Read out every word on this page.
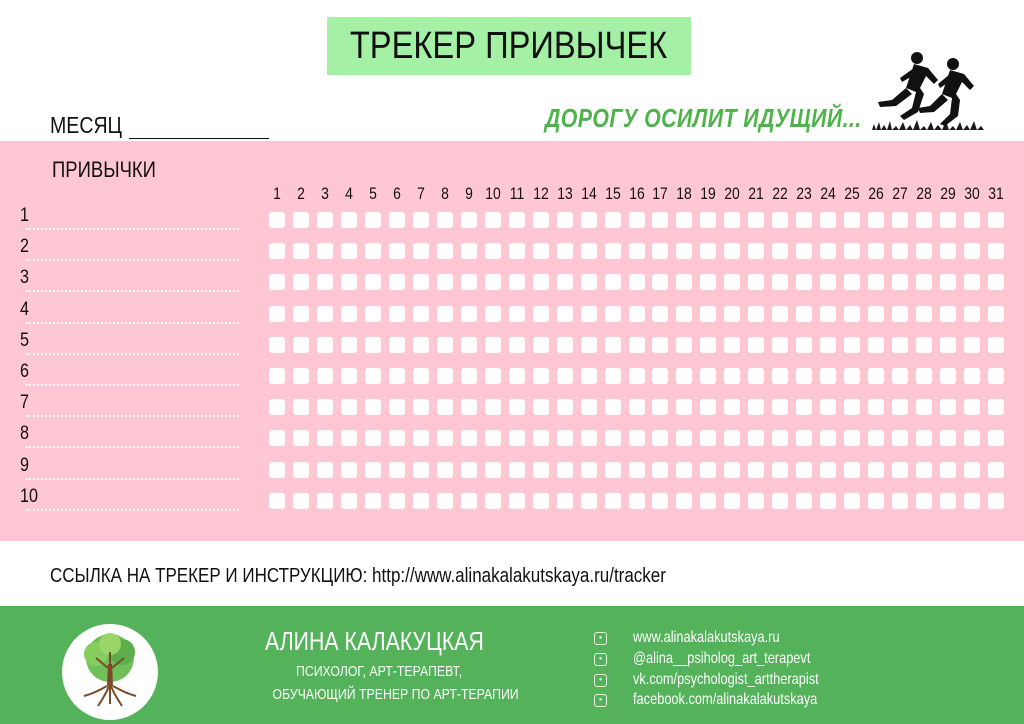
ТРЕКЕР ПРИВЫЧЕК
МЕСЯЦ	ДОРОГУ ОСИЛИТ ИДУЩИЙ...
ПРИВЫЧКИ
1 2 3 4 5 6 7 8 9 10 11 12 13 14 15 16 17 18 19 20 21 22 23 24 25 26 27 28 29 30 31
1
2
3
4
5
6
7
8
9
10
ССЫЛКА НА ТРЕКЕР И ИНСТРУКЦИЮ: http://www.alinakalakutskaya.ru/tracker
АЛИНА КАЛАКУЦКАЯ
ПСИХОЛОГ, АРТ-ТЕРАПЕВТ,
ОБУЧАЮЩИЙ ТРЕНЕР ПО АРТ-ТЕРАПИИ
● www.alinakalakutskaya.ru
● @alina__psiholog_art_terapevt
● vk.com/psychologist_arttherapist
● facebook.com/alinakalakutskaya
